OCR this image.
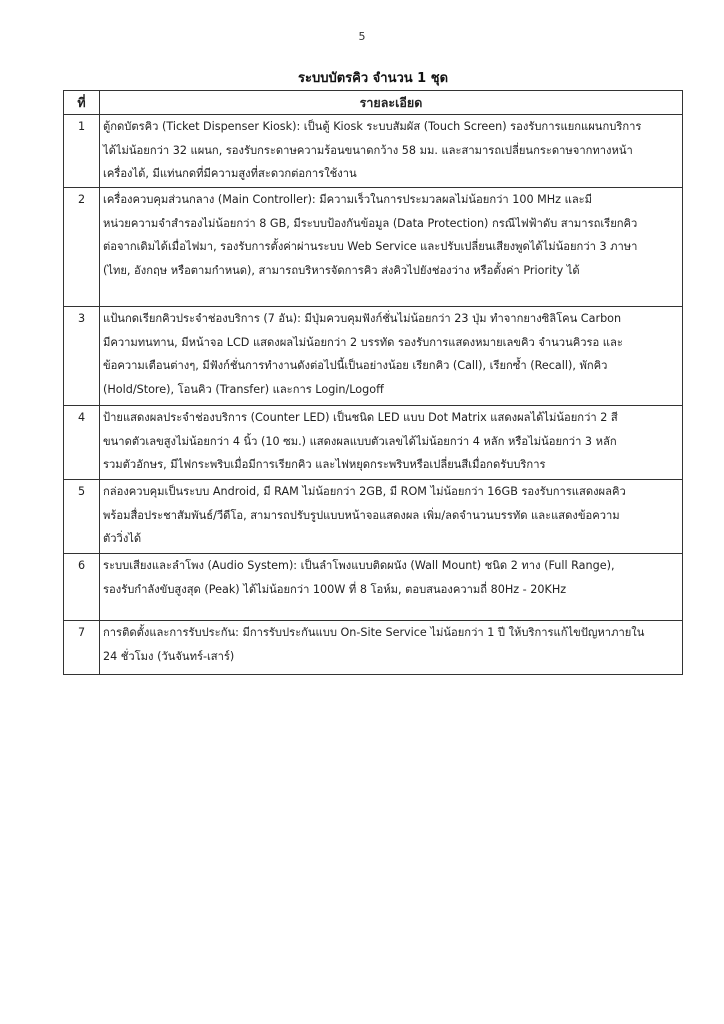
5
ระบบบัตรคิว จำนวน 1 ชุด
ที่	รายละเอียด
1	ตู้กดบัตรคิว (Ticket Dispenser Kiosk): เป็นตู้ Kiosk ระบบสัมผัส (Touch Screen) รองรับการแยกแผนกบริการ
ได้ไม่น้อยกว่า 32 แผนก, รองรับกระดาษความร้อนขนาดกว้าง 58 มม. และสามารถเปลี่ยนกระดาษจากทางหน้า
เครื่องได้, มีแท่นกดที่มีความสูงที่สะดวกต่อการใช้งาน
2	เครื่องควบคุมส่วนกลาง (Main Controller): มีความเร็วในการประมวลผลไม่น้อยกว่า 100 MHz และมี
หน่วยความจำสำรองไม่น้อยกว่า 8 GB, มีระบบป้องกันข้อมูล (Data Protection) กรณีไฟฟ้าดับ สามารถเรียกคิว
ต่อจากเดิมได้เมื่อไฟมา, รองรับการตั้งค่าผ่านระบบ Web Service และปรับเปลี่ยนเสียงพูดได้ไม่น้อยกว่า 3 ภาษา
(ไทย, อังกฤษ หรือตามกำหนด), สามารถบริหารจัดการคิว ส่งคิวไปยังช่องว่าง หรือตั้งค่า Priority ได้
3	แป้นกดเรียกคิวประจำช่องบริการ (7 อัน): มีปุ่มควบคุมฟังก์ชั่นไม่น้อยกว่า 23 ปุ่ม ทำจากยางซิลิโคน Carbon
มีความทนทาน, มีหน้าจอ LCD แสดงผลไม่น้อยกว่า 2 บรรทัด รองรับการแสดงหมายเลขคิว จำนวนคิวรอ และ
ข้อความเตือนต่างๆ, มีฟังก์ชั่นการทำงานดังต่อไปนี้เป็นอย่างน้อย เรียกคิว (Call), เรียกซ้ำ (Recall), พักคิว
(Hold/Store), โอนคิว (Transfer) และการ Login/Logoff
4	ป้ายแสดงผลประจำช่องบริการ (Counter LED) เป็นชนิด LED แบบ Dot Matrix แสดงผลได้ไม่น้อยกว่า 2 สี
ขนาดตัวเลขสูงไม่น้อยกว่า 4 นิ้ว (10 ซม.) แสดงผลแบบตัวเลขได้ไม่น้อยกว่า 4 หลัก หรือไม่น้อยกว่า 3 หลัก
รวมตัวอักษร, มีไฟกระพริบเมื่อมีการเรียกคิว และไฟหยุดกระพริบหรือเปลี่ยนสีเมื่อกดรับบริการ
5	กล่องควบคุมเป็นระบบ Android, มี RAM ไม่น้อยกว่า 2GB, มี ROM ไม่น้อยกว่า 16GB รองรับการแสดงผลคิว
พร้อมสื่อประชาสัมพันธ์/วีดีโอ, สามารถปรับรูปแบบหน้าจอแสดงผล เพิ่ม/ลดจำนวนบรรทัด และแสดงข้อความ
ตัววิ่งได้
6	ระบบเสียงและลำโพง (Audio System): เป็นลำโพงแบบติดผนัง (Wall Mount) ชนิด 2 ทาง (Full Range),
รองรับกำลังขับสูงสุด (Peak) ได้ไม่น้อยกว่า 100W ที่ 8 โอห์ม, ตอบสนองความถี่ 80Hz - 20KHz
7	การติดตั้งและการรับประกัน: มีการรับประกันแบบ On-Site Service ไม่น้อยกว่า 1 ปี ให้บริการแก้ไขปัญหาภายใน
24 ชั่วโมง (วันจันทร์-เสาร์)
